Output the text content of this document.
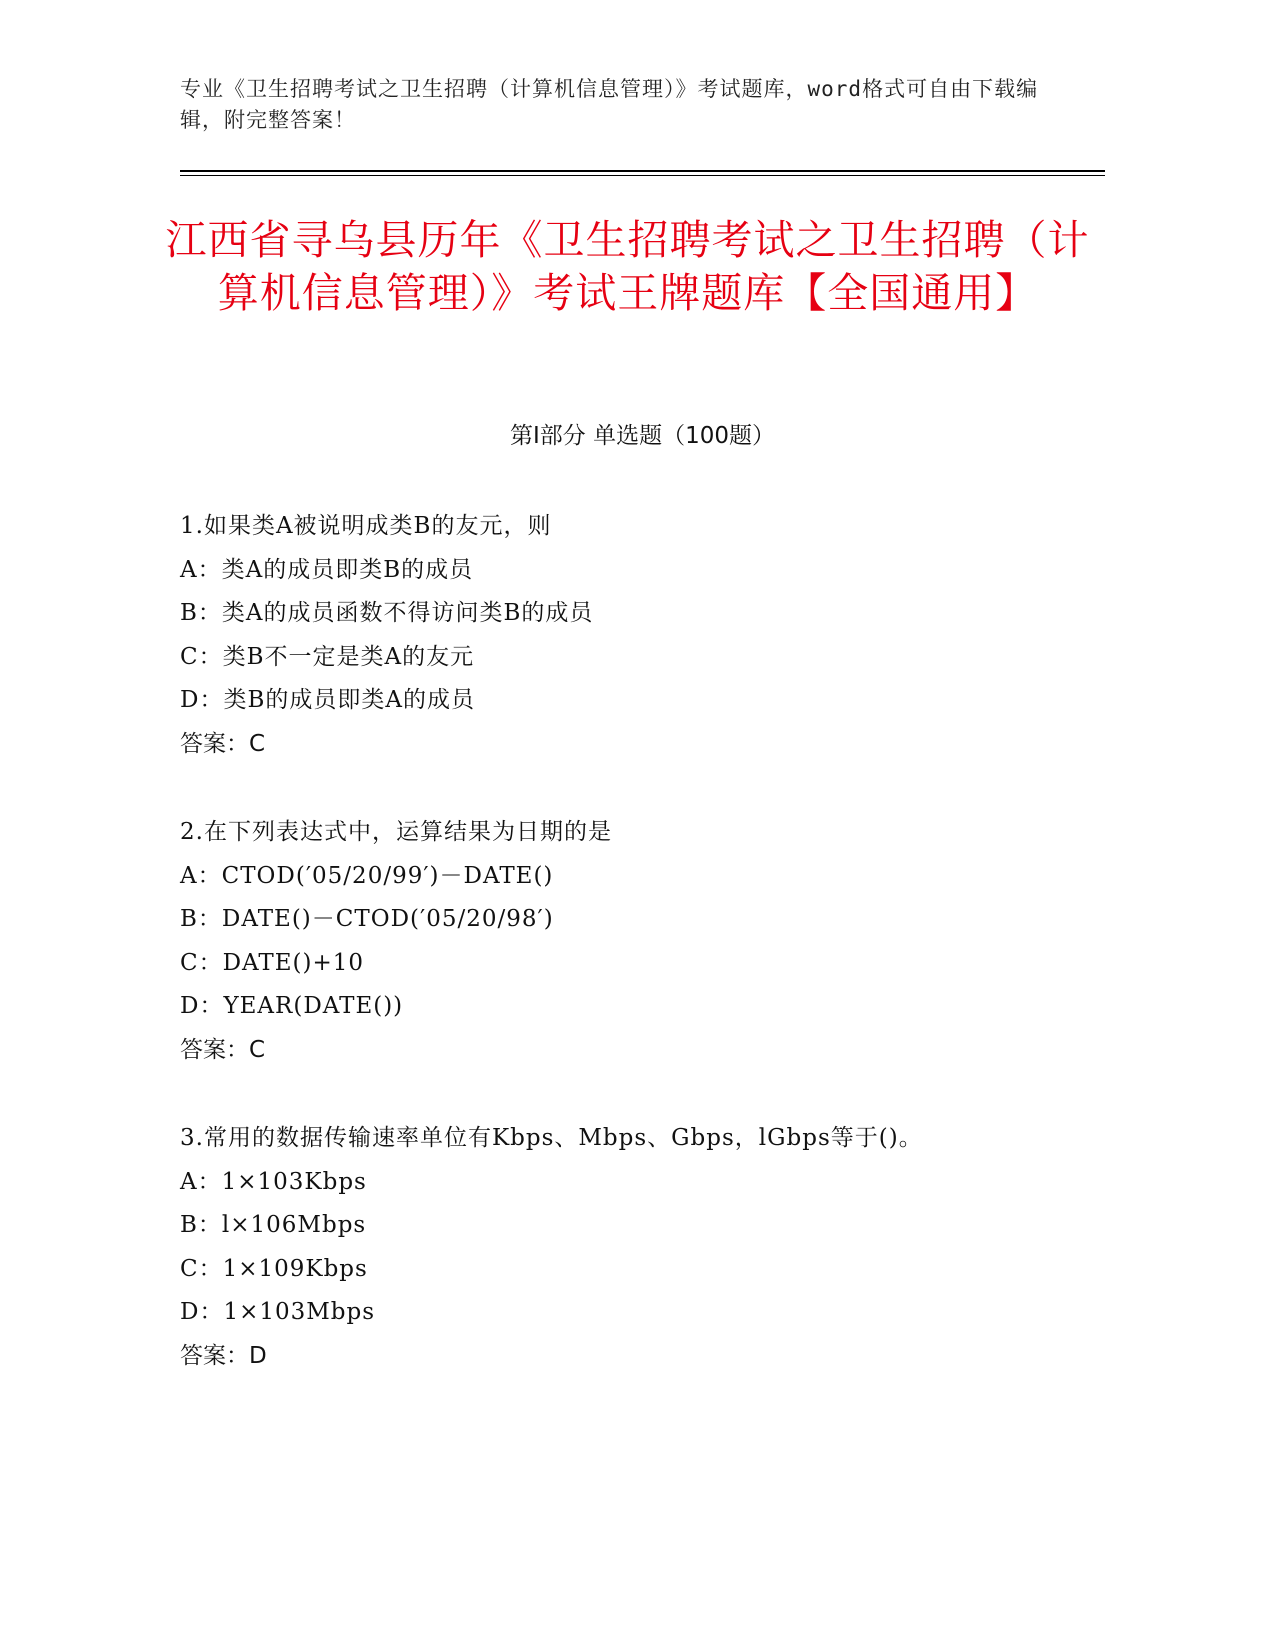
专业《卫生招聘考试之卫生招聘（计算机信息管理）》考试题库，word格式可自由下载编辑，附完整答案！
江西省寻乌县历年《卫生招聘考试之卫生招聘（计算机信息管理）》考试王牌题库【全国通用】
第Ⅰ部分 单选题（100题）
1.如果类A被说明成类B的友元，则
A：类A的成员即类B的成员
B：类A的成员函数不得访问类B的成员
C：类B不一定是类A的友元
D：类B的成员即类A的成员
答案：C
2.在下列表达式中，运算结果为日期的是
A：CTOD(′05/20/99′)－DATE()
B：DATE()－CTOD(′05/20/98′)
C：DATE()+10
D：YEAR(DATE())
答案：C
3.常用的数据传输速率单位有Kbps、Mbps、Gbps，lGbps等于()。
A：1×103Kbps
B：l×106Mbps
C：1×109Kbps
D：1×103Mbps
答案：D
